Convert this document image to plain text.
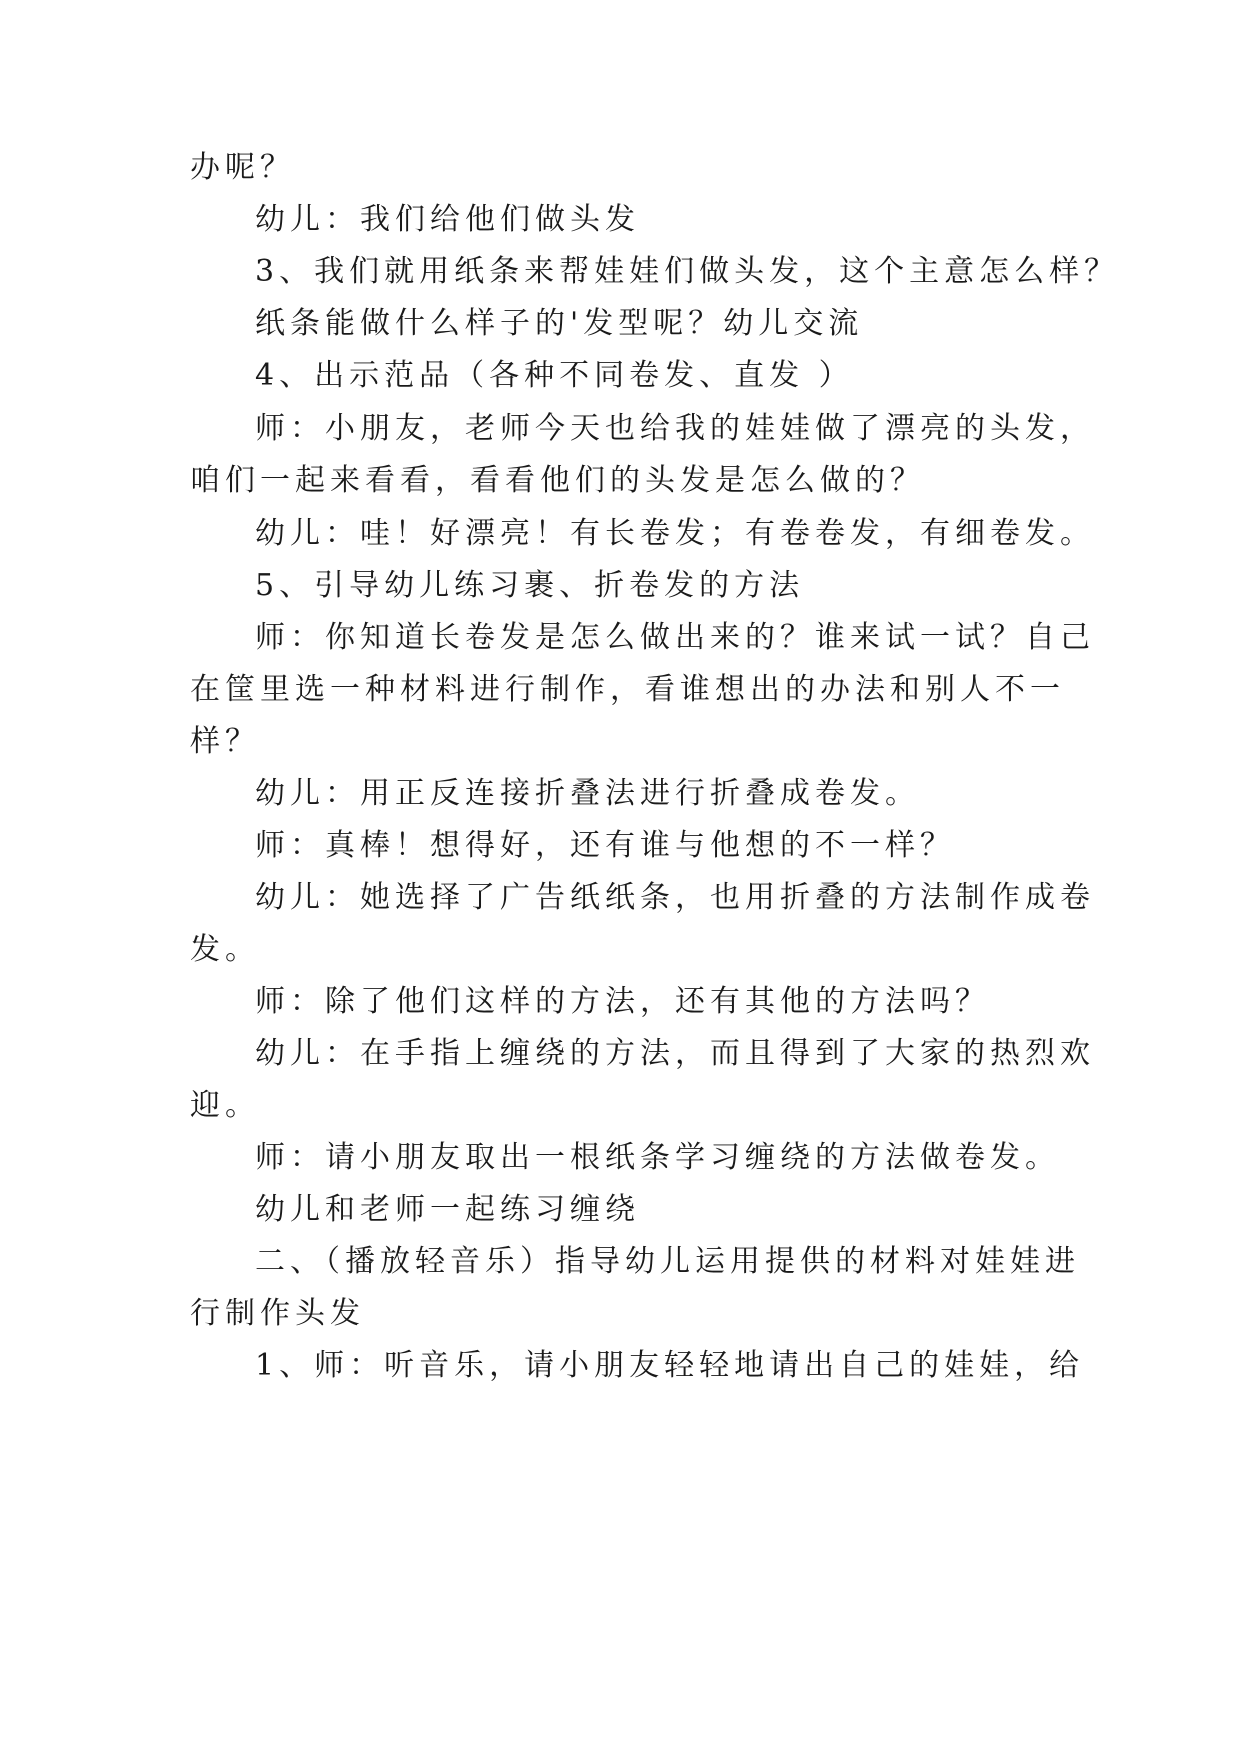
办呢？
幼儿：我们给他们做头发
3、我们就用纸条来帮娃娃们做头发，这个主意怎么样？
纸条能做什么样子的'发型呢？幼儿交流
4、出示范品（各种不同卷发、直发 ）
师：小朋友，老师今天也给我的娃娃做了漂亮的头发，
咱们一起来看看，看看他们的头发是怎么做的？
幼儿：哇！好漂亮！有长卷发；有卷卷发，有细卷发。
5、引导幼儿练习裹、折卷发的方法
师：你知道长卷发是怎么做出来的？谁来试一试？自己
在筐里选一种材料进行制作，看谁想出的办法和别人不一
样？
幼儿：用正反连接折叠法进行折叠成卷发。
师：真棒！想得好，还有谁与他想的不一样？
幼儿：她选择了广告纸纸条，也用折叠的方法制作成卷
发。
师：除了他们这样的方法，还有其他的方法吗？
幼儿：在手指上缠绕的方法，而且得到了大家的热烈欢
迎。
师：请小朋友取出一根纸条学习缠绕的方法做卷发。
幼儿和老师一起练习缠绕
二、（播放轻音乐）指导幼儿运用提供的材料对娃娃进
行制作头发
1、师：听音乐，请小朋友轻轻地请出自己的娃娃，给
